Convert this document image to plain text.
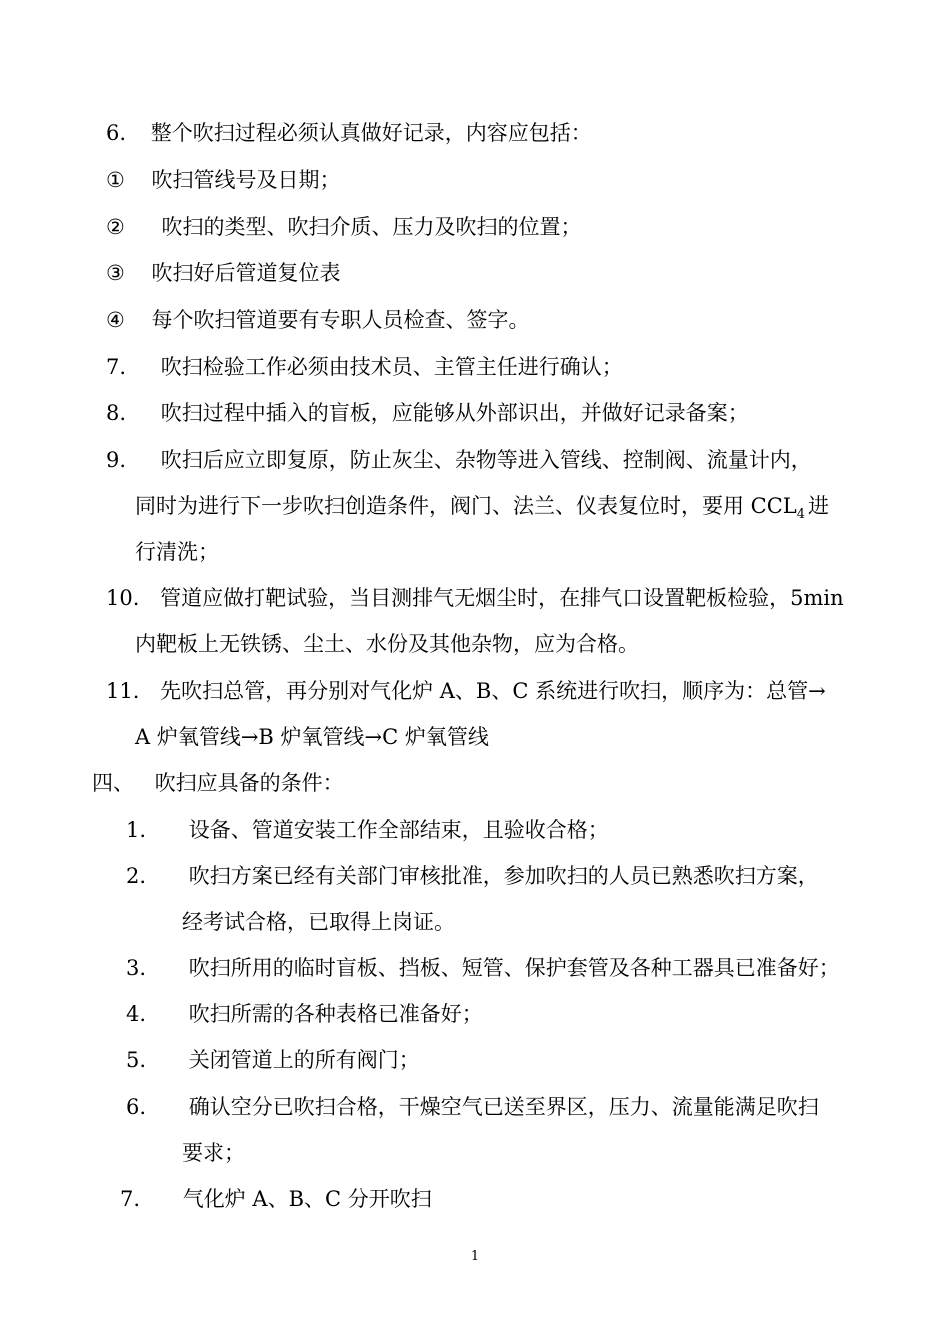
6. 整个吹扫过程必须认真做好记录，内容应包括：
① 吹扫管线号及日期；
② 吹扫的类型、吹扫介质、压力及吹扫的位置；
③ 吹扫好后管道复位表
④ 每个吹扫管道要有专职人员检查、签字。
7. 吹扫检验工作必须由技术员、主管主任进行确认；
8. 吹扫过程中插入的盲板，应能够从外部识出，并做好记录备案；
9. 吹扫后应立即复原，防止灰尘、杂物等进入管线、控制阀、流量计内，
同时为进行下一步吹扫创造条件，阀门、法兰、仪表复位时，要用 $CCL_4$ 进
行清洗；
10. 管道应做打靶试验，当目测排气无烟尘时，在排气口设置靶板检验，5min
内靶板上无铁锈、尘土、水份及其他杂物，应为合格。
11. 先吹扫总管，再分别对气化炉 A、B、C 系统进行吹扫，顺序为：总管→
A 炉氧管线→B 炉氧管线→C 炉氧管线
四、 吹扫应具备的条件：
1. 设备、管道安装工作全部结束，且验收合格；
2. 吹扫方案已经有关部门审核批准，参加吹扫的人员已熟悉吹扫方案，
经考试合格，已取得上岗证。
3. 吹扫所用的临时盲板、挡板、短管、保护套管及各种工器具已准备好；
4. 吹扫所需的各种表格已准备好；
5. 关闭管道上的所有阀门；
6. 确认空分已吹扫合格，干燥空气已送至界区，压力、流量能满足吹扫
要求；
7. 气化炉 A、B、C 分开吹扫
1
